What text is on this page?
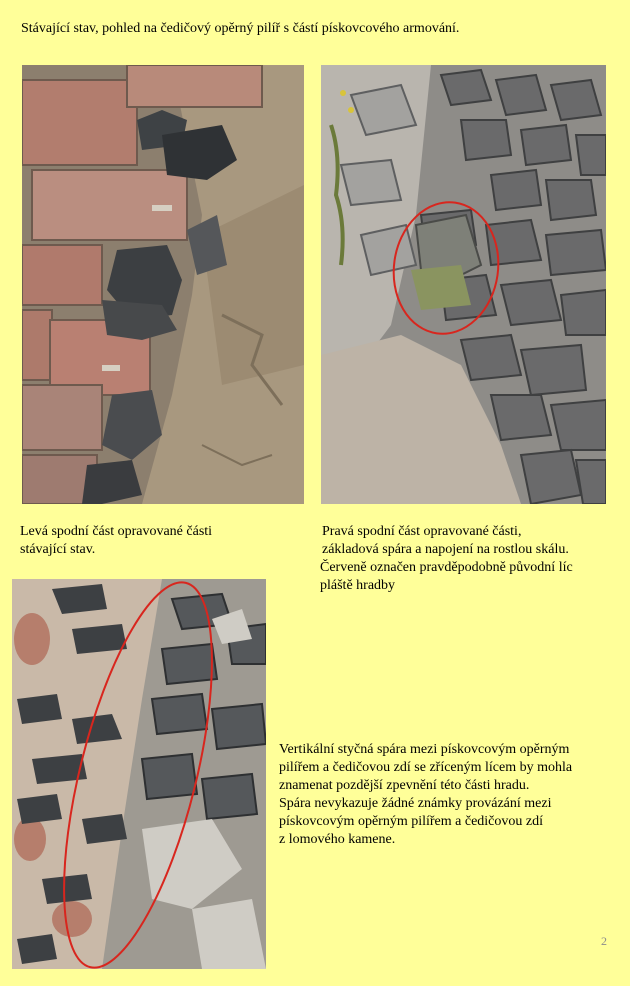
Stávající stav, pohled na čedičový opěrný pilíř s částí pískovcového armování.
Levá spodní část opravované části
stávající stav.
Pravá spodní část opravované části,
základová spára a napojení na rostlou skálu.
Červeně označen pravděpodobně původní líc
pláště hradby
Vertikální styčná spára mezi pískovcovým opěrným
pilířem a čedičovou zdí se zříceným lícem by mohla
znamenat pozdější zpevnění této části hradu.
Spára nevykazuje žádné známky provázání mezi
pískovcovým opěrným pilířem a čedičovou zdí
z lomového kamene.
2
